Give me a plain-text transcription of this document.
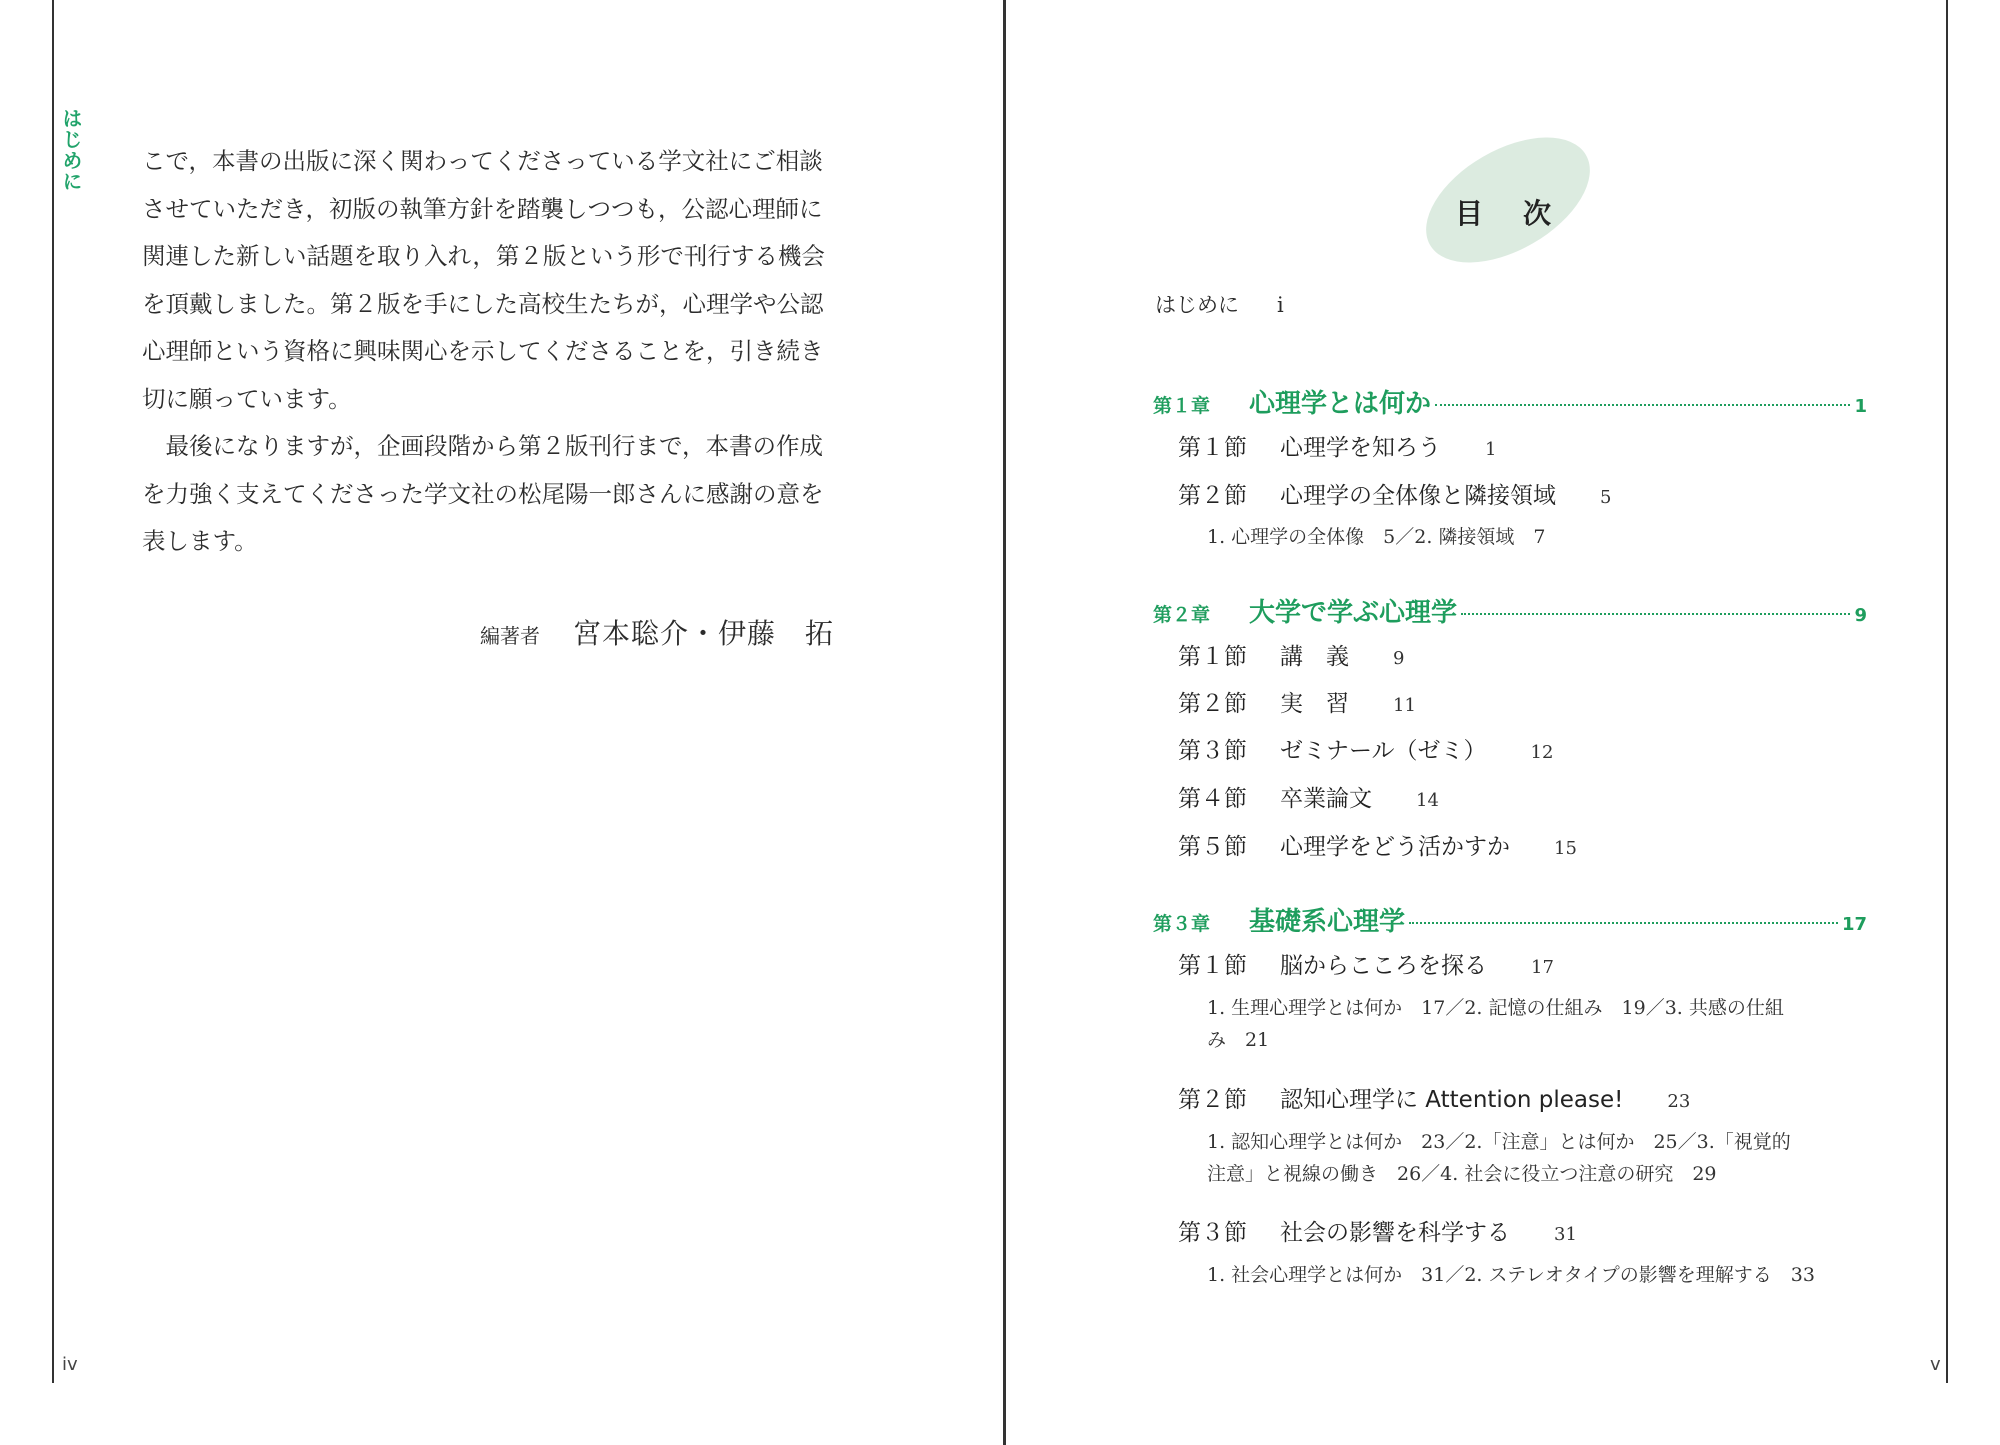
はじめに	こで，本書の出版に深く関わってくださっている学文社にご相談
させていただき，初版の執筆方針を踏襲しつつも，公認心理師に
関連した新しい話題を取り入れ，第２版という形で刊行する機会
を頂戴しました。第２版を手にした高校生たちが，心理学や公認
心理師という資格に興味関心を示してくださることを，引き続き
切に願っています。
　最後になりますが，企画段階から第２版刊行まで，本書の作成
を力強く支えてくださった学文社の松尾陽一郎さんに感謝の意を
表します。
編著者 宮本聡介・伊藤　拓
iv
目次
はじめに i
第１章	心理学とは何か	1
第１節 心理学を知ろう 1
第２節 心理学の全体像と隣接領域 5
1. 心理学の全体像　5／2. 隣接領域　7
第２章	大学で学ぶ心理学	9
第１節 講　義 9
第２節 実　習 11
第３節 ゼミナール（ゼミ） 12
第４節 卒業論文 14
第５節 心理学をどう活かすか 15
第３章	基礎系心理学	17
第１節 脳からこころを探る 17
1. 生理心理学とは何か　17／2. 記憶の仕組み　19／3. 共感の仕組
み　21
第２節 認知心理学に Attention please! 23
1. 認知心理学とは何か　23／2.「注意」とは何か　25／3.「視覚的
注意」と視線の働き　26／4. 社会に役立つ注意の研究　29
第３節 社会の影響を科学する 31
1. 社会心理学とは何か　31／2. ステレオタイプの影響を理解する　33
v
